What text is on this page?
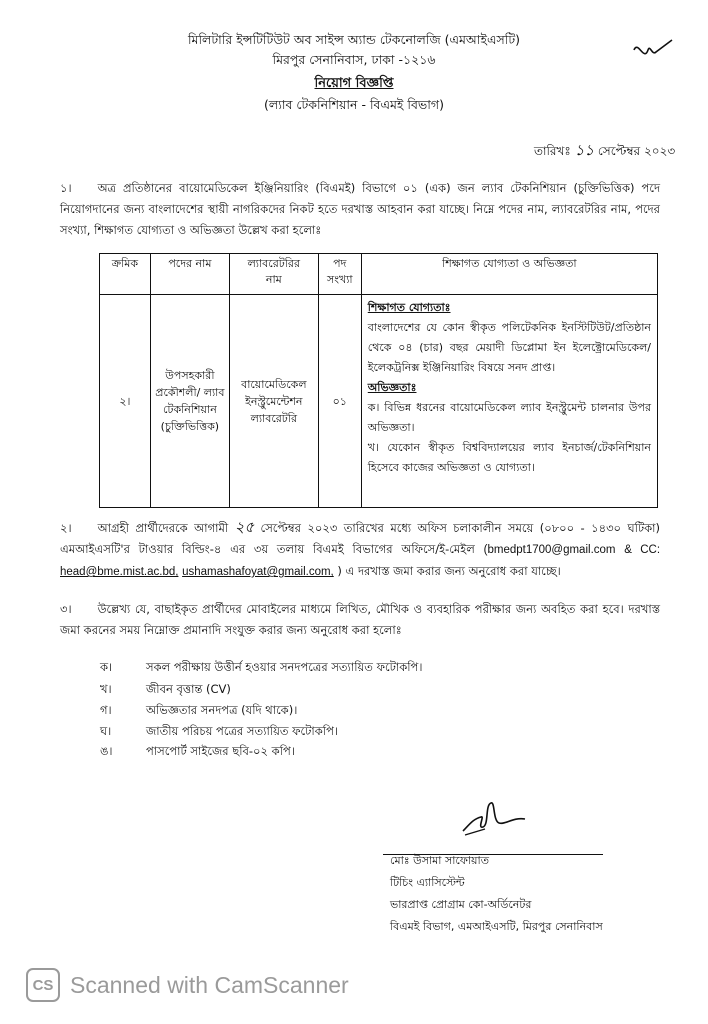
মিলিটারি ইন্সটিটিউট অব সাইন্স অ্যান্ড টেকনোলজি (এমআইএসটি)
মিরপুর সেনানিবাস, ঢাকা -১২১৬
নিয়োগ বিজ্ঞপ্তি
(ল্যাব টেকনিশিয়ান - বিএমই বিভাগ)
তারিখঃ ১১ সেপ্টেম্বর ২০২৩
১। অত্র প্রতিষ্ঠানের বায়োমেডিকেল ইঞ্জিনিয়ারিং (বিএমই) বিভাগে ০১ (এক) জন ল্যাব টেকনিশিয়ান (চুক্তিভিত্তিক) পদে নিয়োগদানের জন্য বাংলাদেশের স্থায়ী নাগরিকদের নিকট হতে দরখাস্ত আহবান করা যাচ্ছে। নিম্নে পদের নাম, ল্যাবরেটরির নাম, পদের সংখ্যা, শিক্ষাগত যোগ্যতা ও অভিজ্ঞতা উল্লেখ করা হলোঃ
ক্রমিক	পদের নাম	ল্যাবরেটরির নাম	পদ সংখ্যা	শিক্ষাগত যোগ্যতা ও অভিজ্ঞতা

২।	উপসহকারী প্রকৌশলী/ ল্যাব টেকনিশিয়ান (চুক্তিভিত্তিক)	বায়োমেডিকেল ইনস্ট্রুমেন্টেশন ল্যাবরেটরি	০১	শিক্ষাগত যোগ্যতাঃ
বাংলাদেশের যে কোন স্বীকৃত পলিটেকনিক ইনস্টিটিউট/প্রতিষ্ঠান থেকে ০৪ (চার) বছর মেয়াদী ডিপ্লোমা ইন ইলেক্ট্রোমেডিকেল/ইলেকট্রনিক্স ইঞ্জিনিয়ারিং বিষয়ে সনদ প্রাপ্ত।
অভিজ্ঞতাঃ
ক। বিভিন্ন ধরনের বায়োমেডিকেল ল্যাব ইনস্ট্রুমেন্ট চালনার উপর অভিজ্ঞতা।
খ। যেকোন স্বীকৃত বিশ্ববিদ্যালয়ের ল্যাব ইনচার্জ/টেকনিশিয়ান হিসেবে কাজের অভিজ্ঞতা ও যোগ্যতা।
২। আগ্রহী প্রার্থীদেরকে আগামী ২৫ সেপ্টেম্বর ২০২৩ তারিখের মধ্যে অফিস চলাকালীন সময়ে (০৮০০ - ১৪৩০ ঘটিকা) এমআইএসটি'র টাওয়ার বিল্ডিং-৪ এর ৩য় তলায় বিএমই বিভাগের অফিসে/ই-মেইল (bmedpt1700@gmail.com & CC: head@bme.mist.ac.bd, ushamashafoyat@gmail.com, ) এ দরখাস্ত জমা করার জন্য অনুরোধ করা যাচ্ছে।
৩। উল্লেখ্য যে, বাছাইকৃত প্রার্থীদের মোবাইলের মাধ্যমে লিখিত, মৌখিক ও ব্যবহারিক পরীক্ষার জন্য অবহিত করা হবে। দরখাস্ত জমা করনের সময় নিম্নোক্ত প্রমানাদি সংযুক্ত করার জন্য অনুরোধ করা হলোঃ
ক।	সকল পরীক্ষায় উত্তীর্ন হওয়ার সনদপত্রের সত্যায়িত ফটোকপি।
খ।	জীবন বৃত্তান্ত (CV)
গ।	অভিজ্ঞতার সনদপত্র (যদি থাকে)।
ঘ।	জাতীয় পরিচয় পত্রের সত্যায়িত ফটোকপি।
ঙ।	পাসপোর্ট সাইজের ছবি-০২ কপি।
মোঃ উসামা সাফোয়াত
টিচিং এ্যাসিস্টেন্ট
ভারপ্রাপ্ত প্রোগ্রাম কো-অর্ডিনেটর
বিএমই বিভাগ, এমআইএসটি, মিরপুর সেনানিবাস
CS Scanned with CamScanner
